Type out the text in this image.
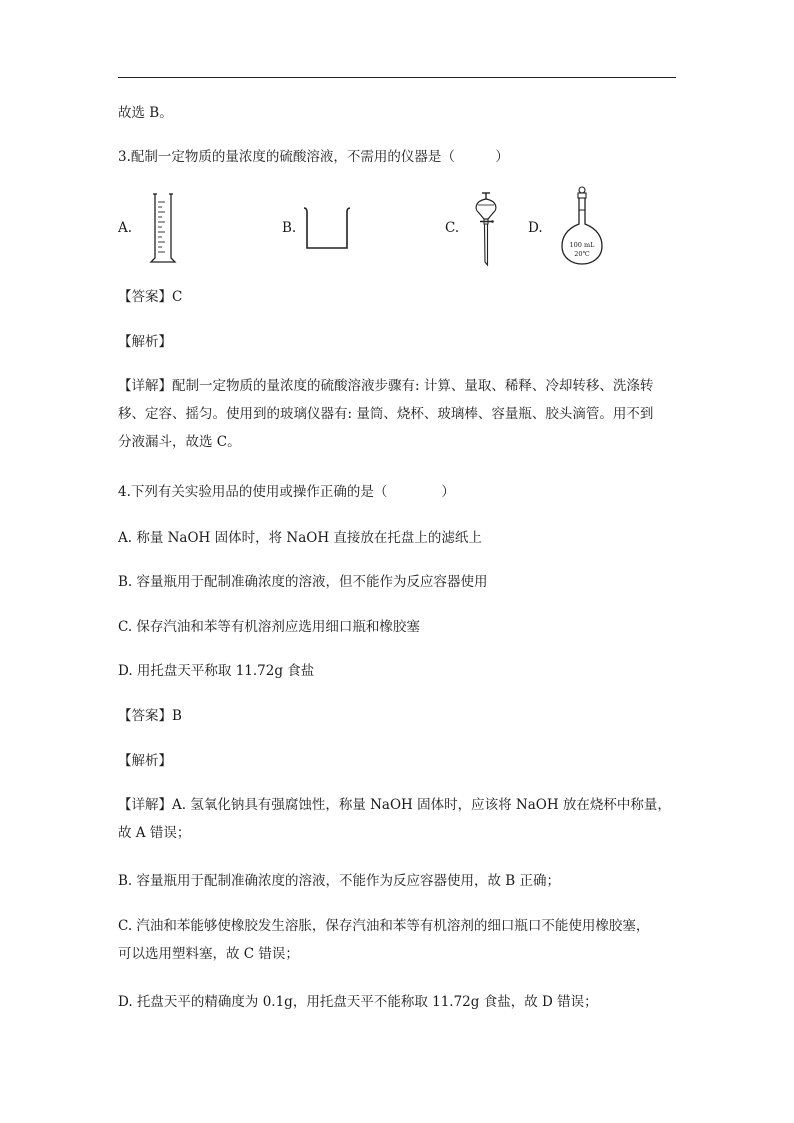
故选 B。
3.配制一定物质的量浓度的硫酸溶液，不需用的仪器是（　　　）
A.	B.	C.	D.
100 mL
20℃
【答案】C
【解析】
【详解】配制一定物质的量浓度的硫酸溶液步骤有: 计算、量取、稀释、冷却转移、洗涤转
移、定容、摇匀。使用到的玻璃仪器有: 量筒、烧杯、玻璃棒、容量瓶、胶头滴管。用不到
分液漏斗，故选 C。
4.下列有关实验用品的使用或操作正确的是（　　　　）
A. 称量 NaOH 固体时，将 NaOH 直接放在托盘上的滤纸上
B. 容量瓶用于配制准确浓度的溶液，但不能作为反应容器使用
C. 保存汽油和苯等有机溶剂应选用细口瓶和橡胶塞
D. 用托盘天平称取 11.72g 食盐
【答案】B
【解析】
【详解】A. 氢氧化钠具有强腐蚀性，称量 NaOH 固体时，应该将 NaOH 放在烧杯中称量，
故 A 错误；
B. 容量瓶用于配制准确浓度的溶液，不能作为反应容器使用，故 B 正确；
C. 汽油和苯能够使橡胶发生溶胀，保存汽油和苯等有机溶剂的细口瓶口不能使用橡胶塞，
可以选用塑料塞，故 C 错误；
D. 托盘天平的精确度为 0.1g，用托盘天平不能称取 11.72g 食盐，故 D 错误；
